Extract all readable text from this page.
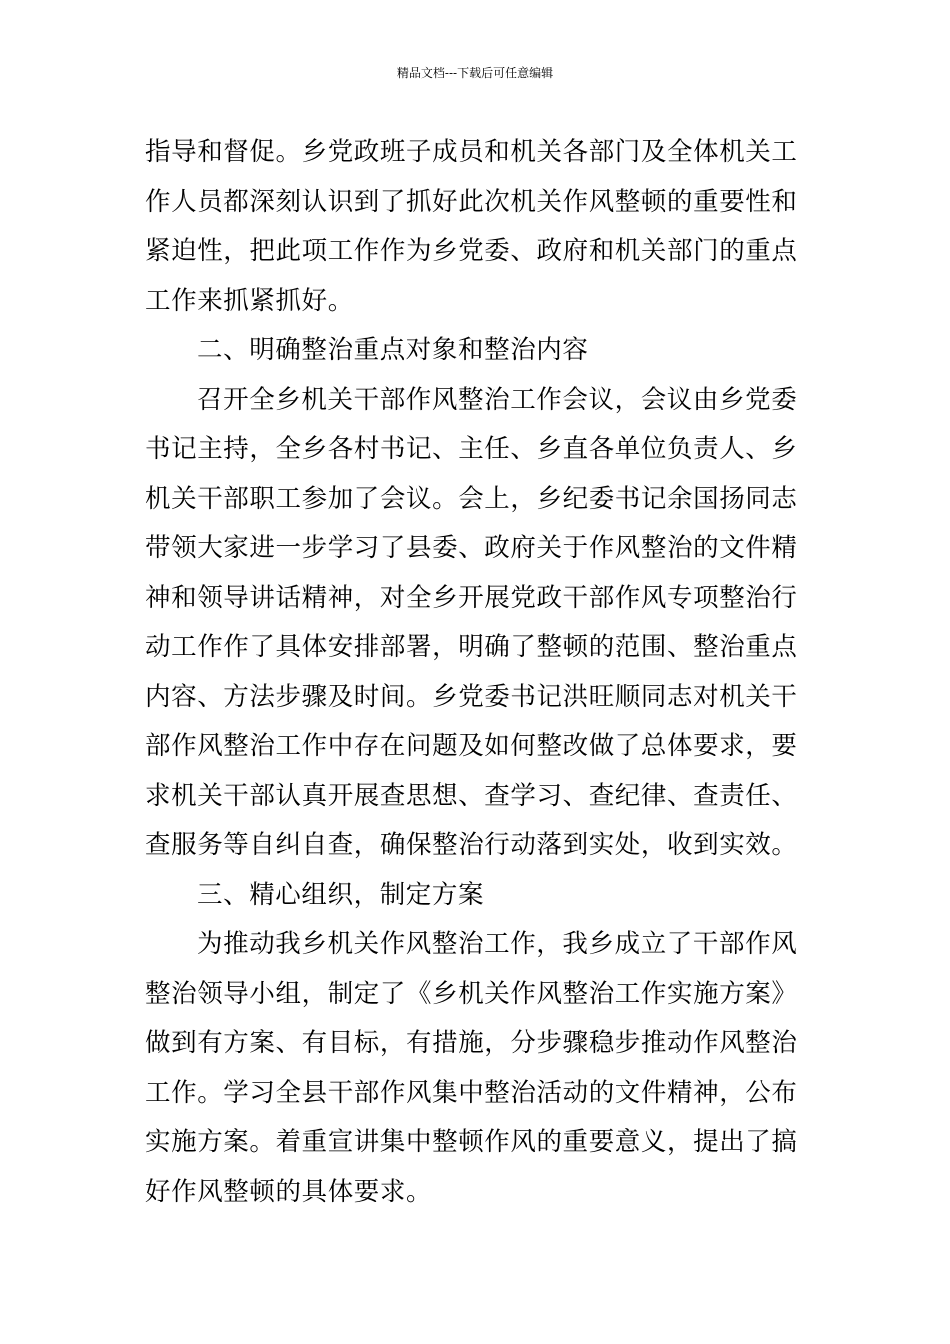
精品文档---下载后可任意编辑
指导和督促。乡党政班子成员和机关各部门及全体机关工
作人员都深刻认识到了抓好此次机关作风整顿的重要性和
紧迫性，把此项工作作为乡党委、政府和机关部门的重点
工作来抓紧抓好。
二、明确整治重点对象和整治内容
召开全乡机关干部作风整治工作会议，会议由乡党委
书记主持，全乡各村书记、主任、乡直各单位负责人、乡
机关干部职工参加了会议。会上，乡纪委书记余国扬同志
带领大家进一步学习了县委、政府关于作风整治的文件精
神和领导讲话精神，对全乡开展党政干部作风专项整治行
动工作作了具体安排部署，明确了整顿的范围、整治重点
内容、方法步骤及时间。乡党委书记洪旺顺同志对机关干
部作风整治工作中存在问题及如何整改做了总体要求，要
求机关干部认真开展查思想、查学习、查纪律、查责任、
查服务等自纠自查，确保整治行动落到实处，收到实效。
三、精心组织，制定方案
为推动我乡机关作风整治工作，我乡成立了干部作风
整治领导小组，制定了《乡机关作风整治工作实施方案》
做到有方案、有目标，有措施，分步骤稳步推动作风整治
工作。学习全县干部作风集中整治活动的文件精神，公布
实施方案。着重宣讲集中整顿作风的重要意义，提出了搞
好作风整顿的具体要求。
